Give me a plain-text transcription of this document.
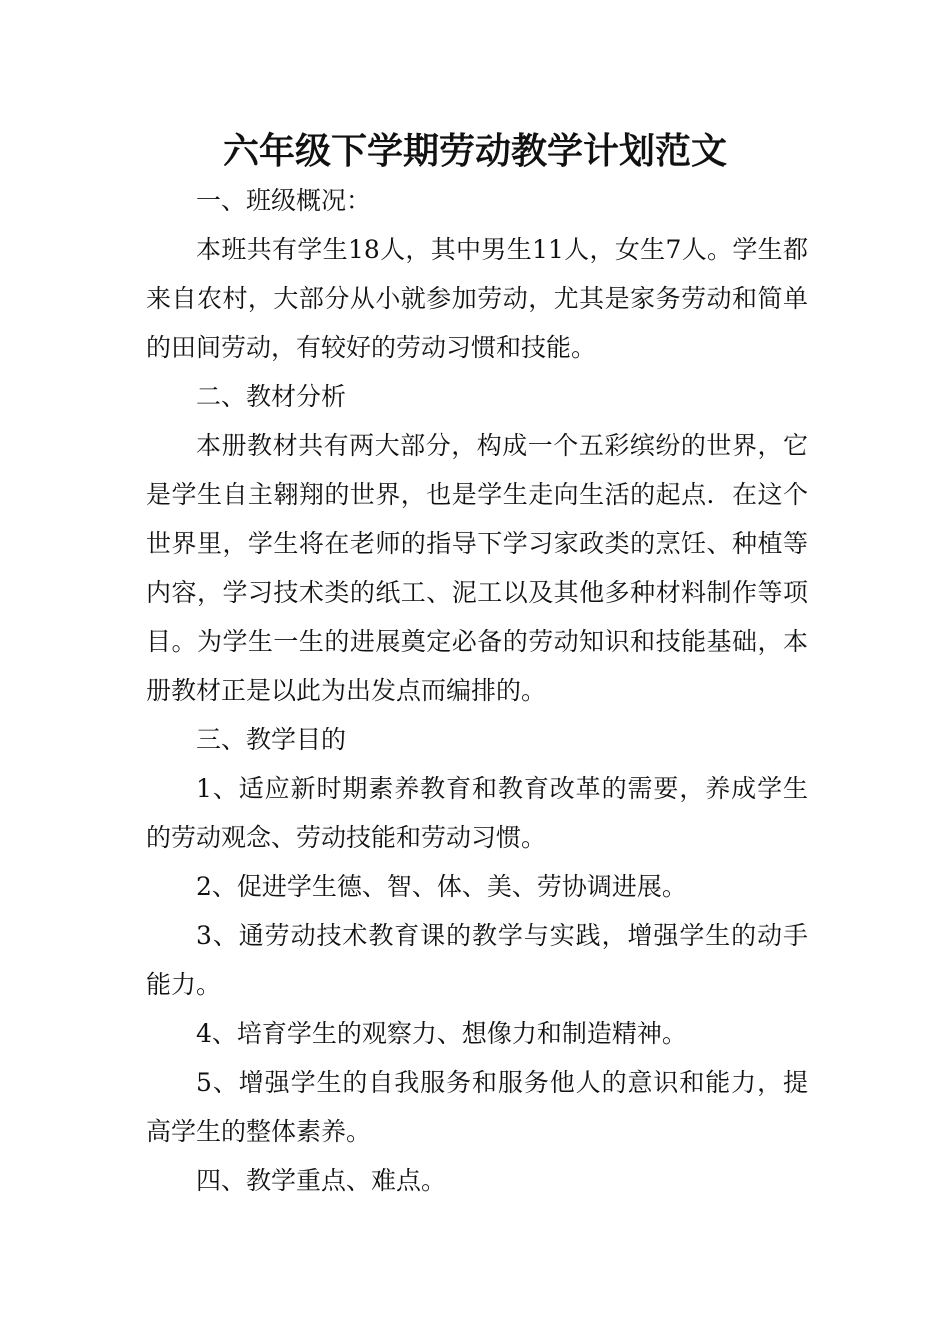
六年级下学期劳动教学计划范文

一、班级概况：

本班共有学生18人，其中男生11人，女生7人。学生都来自农村，大部分从小就参加劳动，尤其是家务劳动和简单的田间劳动，有较好的劳动习惯和技能。

二、教材分析

本册教材共有两大部分，构成一个五彩缤纷的世界，它是学生自主翱翔的世界，也是学生走向生活的起点．在这个世界里，学生将在老师的指导下学习家政类的烹饪、种植等内容，学习技术类的纸工、泥工以及其他多种材料制作等项目。为学生一生的进展奠定必备的劳动知识和技能基础，本册教材正是以此为出发点而编排的。

三、教学目的

1、适应新时期素养教育和教育改革的需要，养成学生的劳动观念、劳动技能和劳动习惯。

2、促进学生德、智、体、美、劳协调进展。

3、通劳动技术教育课的教学与实践，增强学生的动手能力。

4、培育学生的观察力、想像力和制造精神。

5、增强学生的自我服务和服务他人的意识和能力，提高学生的整体素养。

四、教学重点、难点。
